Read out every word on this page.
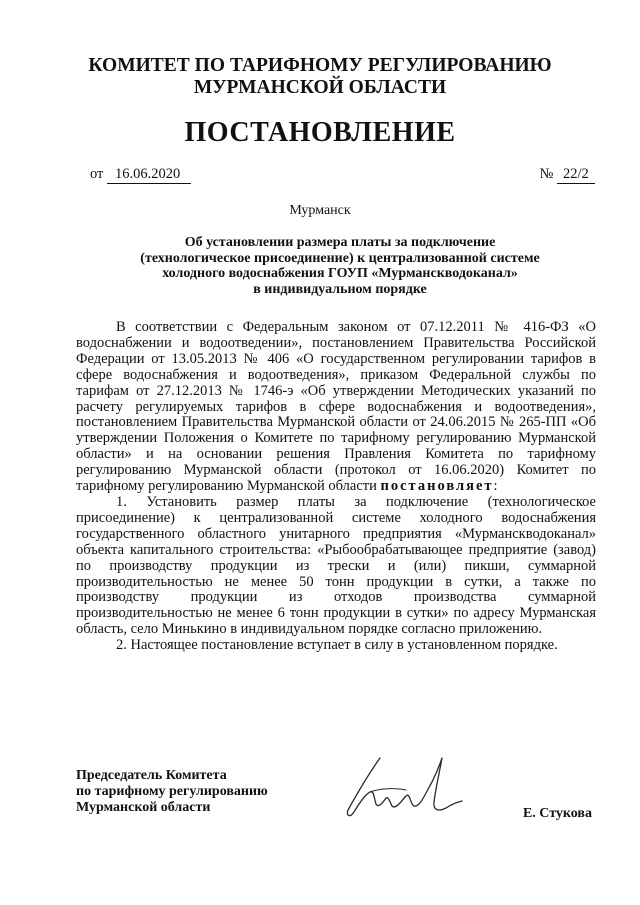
КОМИТЕТ ПО ТАРИФНОМУ РЕГУЛИРОВАНИЮ
МУРМАНСКОЙ ОБЛАСТИ
ПОСТАНОВЛЕНИЕ
от 16.06.2020	№ 22/2
Мурманск
Об установлении размера платы за подключение
(технологическое присоединение) к централизованной системе
холодного водоснабжения ГОУП «Мурманскводоканал»
в индивидуальном порядке

В соответствии с Федеральным законом от 07.12.2011 № 416-ФЗ «О водоснабжении и водоотведении», постановлением Правительства Российской Федерации от 13.05.2013 № 406 «О государственном регулировании тарифов в сфере водоснабжения и водоотведения», приказом Федеральной службы по тарифам от 27.12.2013 № 1746-э «Об утверждении Методических указаний по расчету регулируемых тарифов в сфере водоснабжения и водоотведения», постановлением Правительства Мурманской области от 24.06.2015 № 265-ПП «Об утверждении Положения о Комитете по тарифному регулированию Мурманской области» и на основании решения Правления Комитета по тарифному регулированию Мурманской области (протокол от 16.06.2020) Комитет по тарифному регулированию Мурманской области постановляет:

1. Установить размер платы за подключение (технологическое присоединение) к централизованной системе холодного водоснабжения государственного областного унитарного предприятия «Мурманскводоканал» объекта капитального строительства: «Рыбообрабатывающее предприятие (завод) по производству продукции из трески и (или) пикши, суммарной производительностью не менее 50 тонн продукции в сутки, а также по производству продукции из отходов производства суммарной производительностью не менее 6 тонн продукции в сутки» по адресу Мурманская область, село Минькино в индивидуальном порядке согласно приложению.

2. Настоящее постановление вступает в силу в установленном порядке.

Председатель Комитета
по тарифному регулированию
Мурманской области	Е. Стукова
